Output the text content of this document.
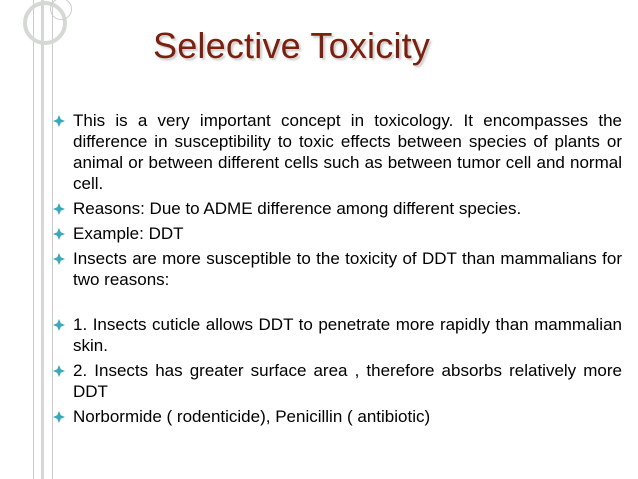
Selective Toxicity
This is a very important concept in toxicology. It encompasses the difference in susceptibility to toxic effects between species of plants or animal or between different cells such as between tumor cell and normal cell.
Reasons: Due to ADME difference among different species.
Example: DDT
Insects are more susceptible to the toxicity of DDT than mammalians for two reasons:
1. Insects cuticle allows DDT to penetrate more rapidly than mammalian skin.
2. Insects has greater surface area , therefore absorbs relatively more DDT
Norbormide ( rodenticide), Penicillin ( antibiotic)
